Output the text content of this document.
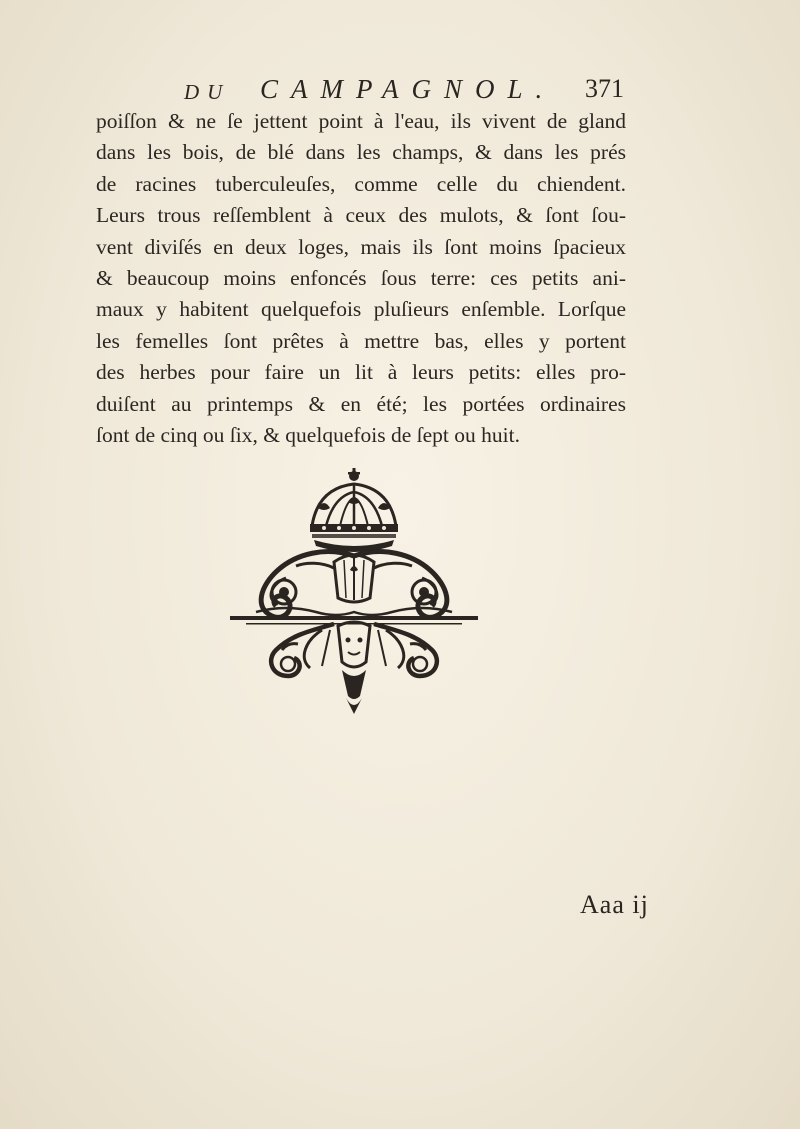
DU CAMPAGNOL. 371
poiſſon & ne ſe jettent point à l'eau, ils vivent de gland
dans les bois, de blé dans les champs, & dans les prés
de racines tuberculeuſes, comme celle du chiendent.
Leurs trous reſſemblent à ceux des mulots, & ſont ſou-
vent diviſés en deux loges, mais ils ſont moins ſpacieux
& beaucoup moins enfoncés ſous terre: ces petits ani-
maux y habitent quelquefois pluſieurs enſemble. Lorſque
les femelles ſont prêtes à mettre bas, elles y portent
des herbes pour faire un lit à leurs petits: elles pro-
duiſent au printemps & en été; les portées ordinaires
ſont de cinq ou ſix, & quelquefois de ſept ou huit.
Aaa ij
